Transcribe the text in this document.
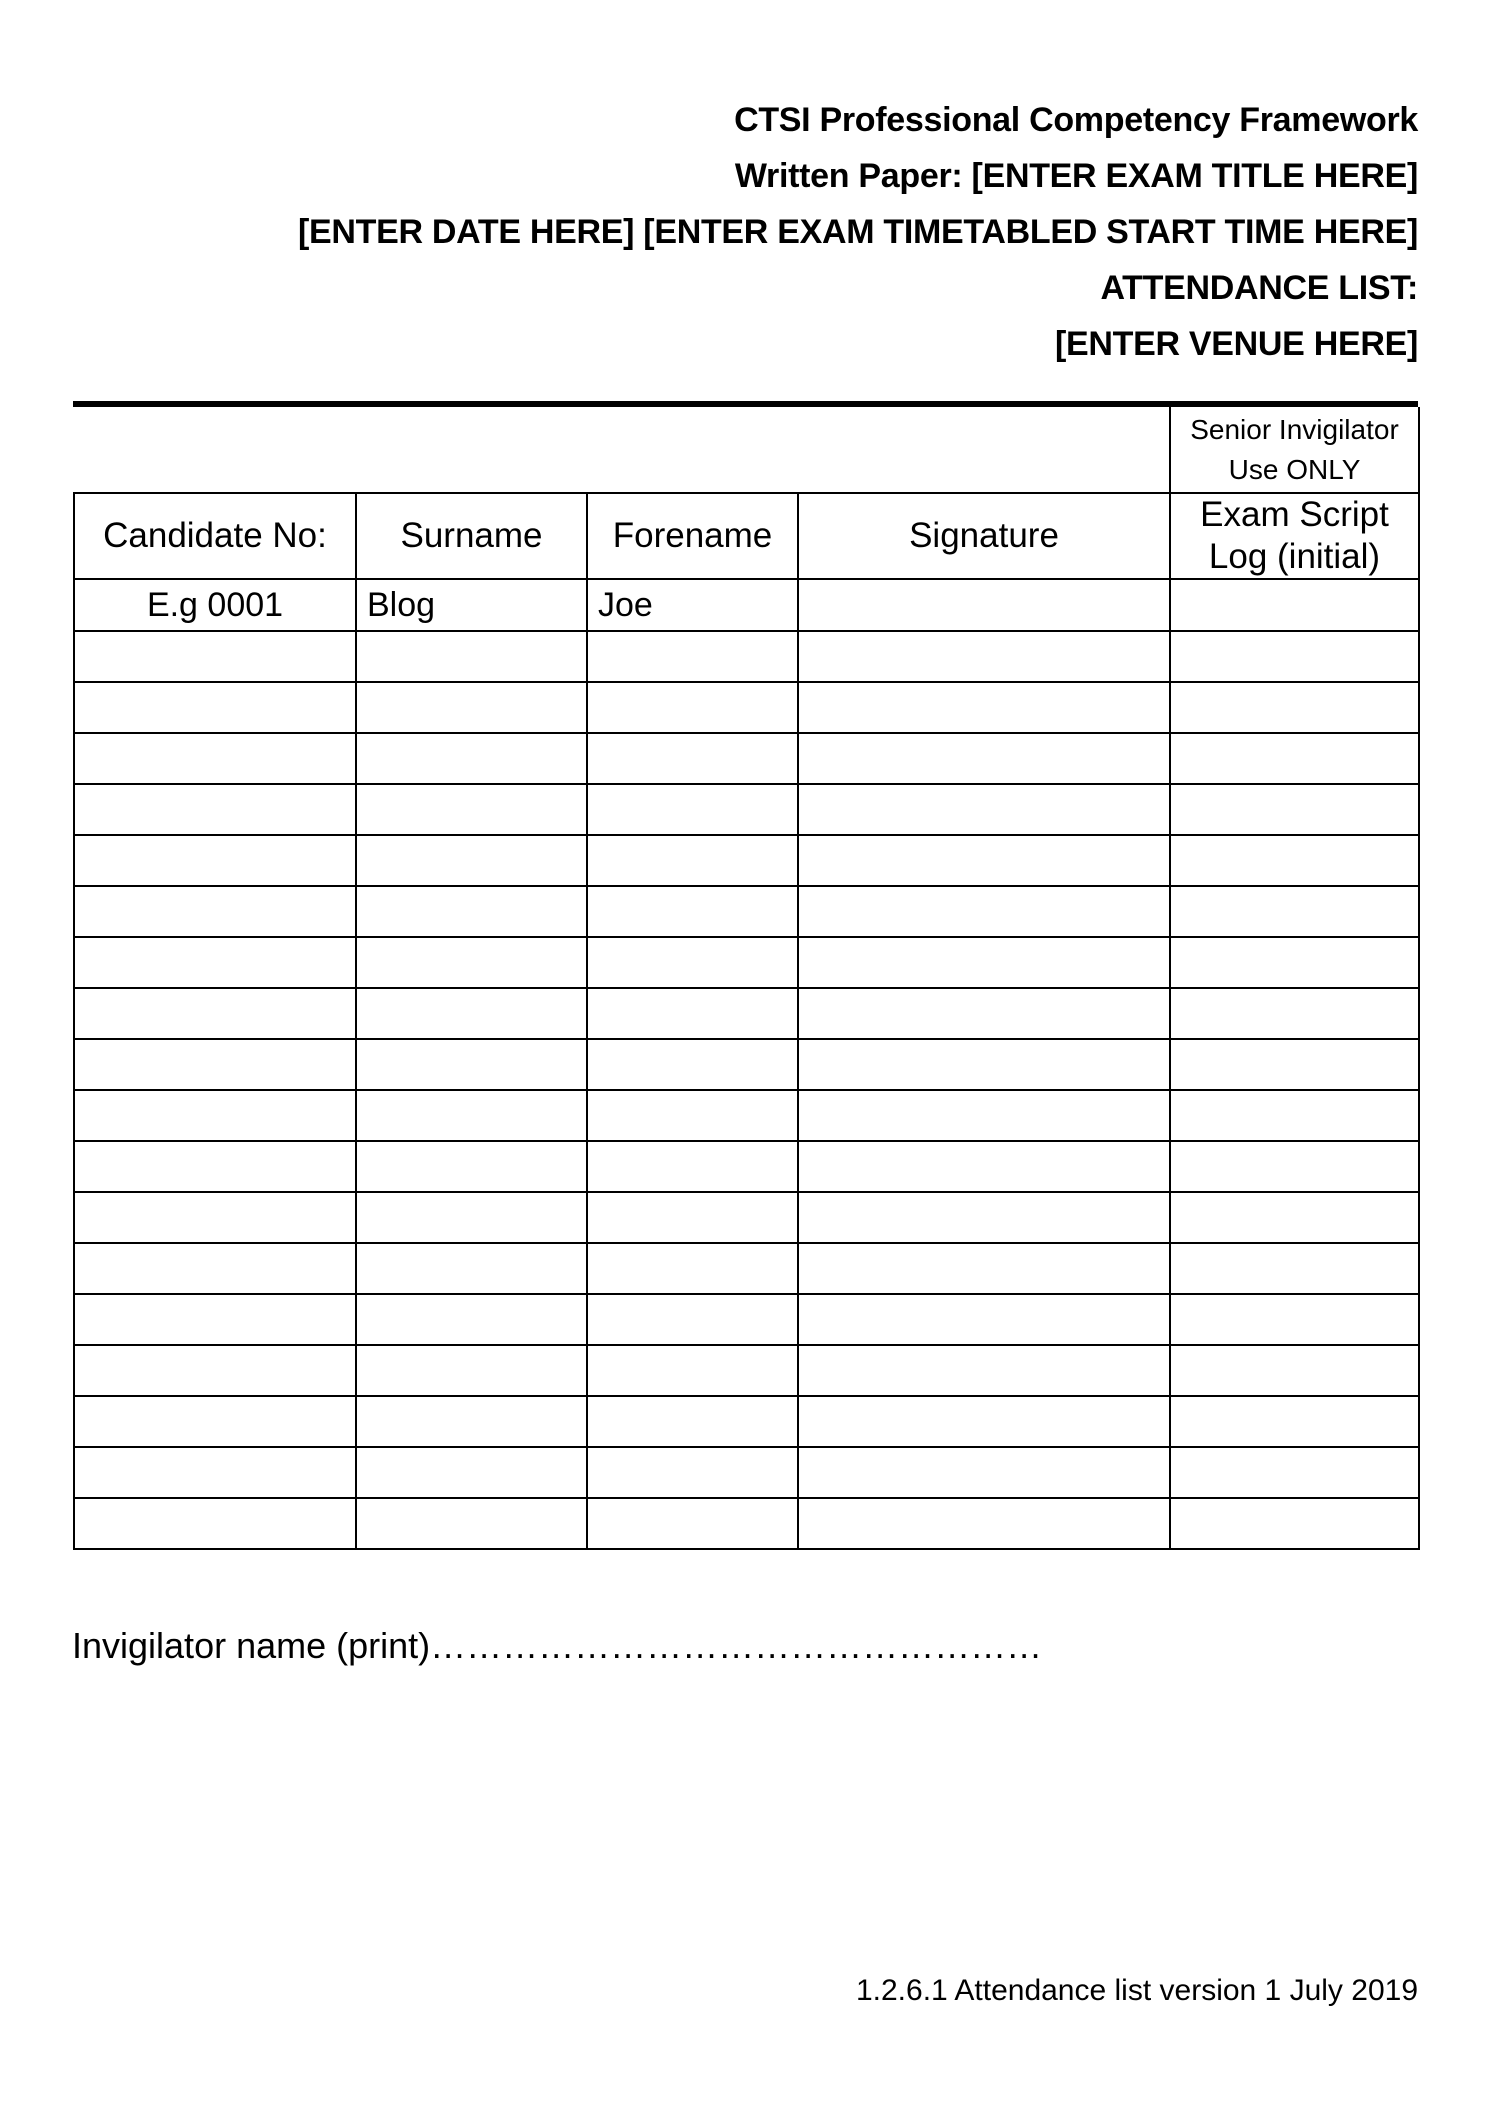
CTSI Professional Competency Framework
Written Paper: [ENTER EXAM TITLE HERE]
[ENTER DATE HERE] [ENTER EXAM TIMETABLED START TIME HERE]
ATTENDANCE LIST:
[ENTER VENUE HERE]

				Senior Invigilator
Use ONLY

Candidate No:	Surname	Forename	Signature	Exam Script
Log (initial)

E.g 0001	Blog	Joe		

Invigilator name (print)……………………………………………
1.2.6.1 Attendance list version 1 July 2019
